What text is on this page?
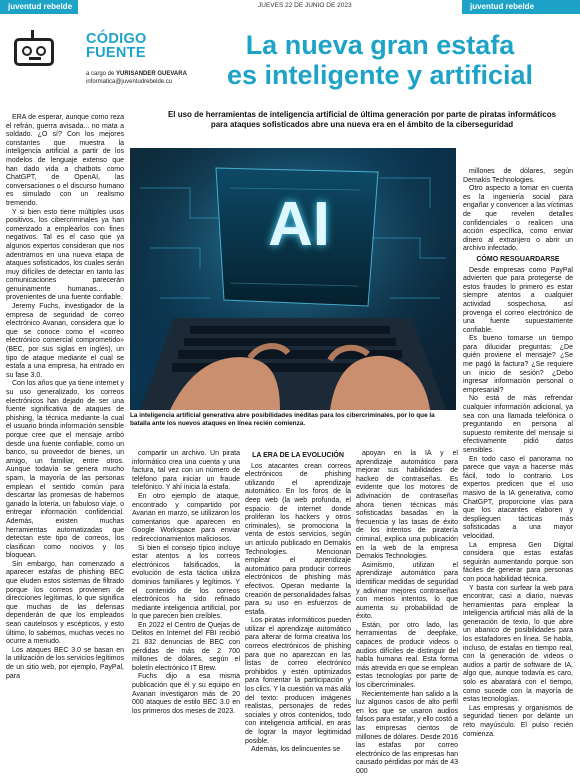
juventud rebelde	JUEVES 22 DE JUNIO DE 2023	juventud rebelde
CÓDIGO
FUENTE
a cargo de YURISANDER GUEVARA
informatica@juventudrebelde.cu
La nueva gran estafa
es inteligente y artificial
El uso de herramientas de inteligencia artificial de última generación por parte de piratas informáticos para ataques sofisticados abre una nueva era en el ámbito de la ciberseguridad

ERA de esperar, aunque como reza el refrán, guerra avisada... no mata a soldado. ¿O sí? Con los mejores constantes que muestra la inteligencia artificial a partir de los modelos de lenguaje extenso que han dado vida a chatbots como ChatGPT, de OpenAI, las conversaciones o el discurso humano es simulado con un realismo tremendo.

Y si bien esto tiene múltiples usos positivos, los cibercriminales ya han comenzado a emplearlos con fines negativos. Tal es el caso que ya algunos expertos consideran que nos adentramos en una nueva etapa de ataques sofisticados, los cuales serán muy difíciles de detectar en tanto las comunicaciones parecerán genuinamente humanas... o provenientes de una fuente confiable.

Jeremy Fuchs, investigador de la empresa de seguridad de correo electrónico Avanan, considera que lo que se conoce como el «correo electrónico comercial comprometido» (BEC, por sus siglas en inglés), un tipo de ataque mediante el cual se estafa a una empresa, ha entrado en su fase 3.0.

Con los años que ya tiene internet y su uso generalizado, los correos electrónicos han dejado de ser una fuente significativa de ataques de phishing, la técnica mediante la cual el usuario brinda información sensible porque cree que el mensaje arribó desde una fuente confiable, como un banco, su proveedor de bienes, un amigo, un familiar, entre otros. Aunque todavía se genera mucho spam, la mayoría de las personas emplean el sentido común para descartar las promesas de habernos ganado la lotería, un fabuloso viaje, o entregar información confidencial. Además, existen muchas herramientas automatizadas que detectan este tipo de correos, los clasifican como nocivos y los bloquean.

Sin embargo, han comenzado a aparecer estafas de phishing BEC que eluden estos sistemas de filtrado porque los correos provienen de direcciones legítimas, lo que significa que muchas de las defensas dependerán de que los empleados sean cautelosos y escépticos, y esto último, lo sabemos, muchas veces no ocurre a menudo.

Los ataques BEC 3.0 se basan en la utilización de los servicios legítimos de un sitio web, por ejemplo, PayPal, para

AI
La inteligencia artificial generativa abre posibilidades inéditas para los cibercriminales, por lo que la batalla ante los nuevos ataques en línea recién comienza.

compartir un archivo. Un pirata informático crea una cuenta y una factura, tal vez con un número de teléfono para iniciar un fraude telefónico. Y ahí inicia la estafa.

En otro ejemplo de ataque, encontrado y compartido por Avanan en marzo, se utilizaron los comentarios que aparecen en Google Workspace para enviar redireccionamientos maliciosos.

Si bien el consejo típico incluye estar atentos a los correos electrónicos falsificados, la evolución de esta táctica utiliza dominios familiares y legítimos. Y el contenido de los correos electrónicos ha sido refinado mediante inteligencia artificial, por lo que parecen bien creíbles.

En 2022 el Centro de Quejas de Delitos en Internet del FBI recibió 21 832 denuncias de BEC con pérdidas de más de 2 700 millones de dólares, según el boletín electrónico IT Brew.

Fuchs dijo a esa misma publicación que él y su equipo en Avanan investigaron más de 20 000 ataques de estilo BEC 3.0 en los primeros dos meses de 2023.

LA ERA DE LA EVOLUCIÓN

Los atacantes crean correos electrónicos de phishing utilizando el aprendizaje automático. En los foros de la deep web (la web profunda, el espacio de internet donde proliferan los hackers y otros criminales), se promociona la venta de estos servicios, según un artículo publicado en Demakis Technologies. Mencionan emplear el aprendizaje automático para producir correos electrónicos de phishing más efectivos. Operan mediante la creación de personalidades falsas para su uso en esfuerzos de estafa.

Los piratas informáticos pueden utilizar el aprendizaje automático para alterar de forma creativa los correos electrónicos de phishing para que no aparezcan en las listas de correo electrónico prohibidos y estén optimizados para fomentar la participación y los clics. Y la cuestión va más allá del texto: producen imágenes realistas, personajes de redes sociales y otros contenidos, todo con inteligencia artificial, en aras de lograr la mayor legitimidad posible.

Además, los delincuentes se

apoyan en la IA y el aprendizaje automático para mejorar sus habilidades de hackeo de contraseñas. Es evidente que los motores de adivinación de contraseñas ahora tienen técnicas más sofisticadas basadas en la frecuencia y las tasas de éxito de los intentos de piratería criminal, explica una publicación en la web de la empresa Demakis Technologies.

Asimismo, utilizan el aprendizaje automático para identificar medidas de seguridad y adivinar mejores contraseñas con menos intentos, lo que aumenta su probabilidad de éxito.

Están, por otro lado, las herramientas de deepfake, capaces de producir videos o audios difíciles de distinguir del habla humana real. Esta forma más atrevida en que se emplean estas tecnologías por parte de los cibercriminales.

Recientemente han salido a la luz algunos casos de alto perfil en los que se usaron audios falsos para estafar, y ello costó a las empresas cientos de millones de dólares. Desde 2016 las estafas por correo electrónico de las empresas han causado pérdidas por más de 43 000

millones de dólares, según Demakis Technologies.

Otro aspecto a tomar en cuenta es la ingeniería social para engañar y convencer a las víctimas de que revelen detalles confidenciales o realicen una acción específica, como enviar dinero al extranjero o abrir un archivo infectado.

CÓMO RESGUARDARSE

Desde empresas como PayPal advierten que para protegerse de estos fraudes lo primero es estar siempre atentos a cualquier actividad sospechosa, así provenga el correo electrónico de una fuente supuestamente confiable.

Es bueno tomarse un tiempo para dilucidar preguntas: ¿De quién proviene el mensaje? ¿Se me pagó la factura? ¿Se requiere un inicio de sesión? ¿Debo ingresar información personal o empresarial?

No está de más refrendar cualquier información adicional, ya sea con una llamada telefónica o preguntando en persona al supuesto remitente del mensaje si efectivamente pidió datos sensibles.

En todo caso el panorama no parece que vaya a hacerse más fácil, todo lo contrario. Los expertos predicen que el uso masivo de la IA generativa, como ChatGPT, proporcione vías para que los atacantes elaboren y desplieguen tácticas más sofisticadas a una mayor velocidad.

La empresa Gen Digital considera que estas estafas seguirán aumentando porque son fáciles de generar para personas con poca habilidad técnica.

Y basta con surfear la web para encontrar, casi a diario, nuevas herramientas para emplear la inteligencia artificial más allá de la generación de texto, lo que abre un abanico de posibilidades para los estafadores en línea. Se habla, incluso, de estafas en tiempo real, con la generación de videos o audios a partir de software de IA, algo que, aunque todavía es caro, solo es abaratará con el tiempo, como sucede con la mayoría de estas tecnologías.

Las empresas y organismos de seguridad tienen por delante un reto mayúsculo. El pulso recién comienza.
